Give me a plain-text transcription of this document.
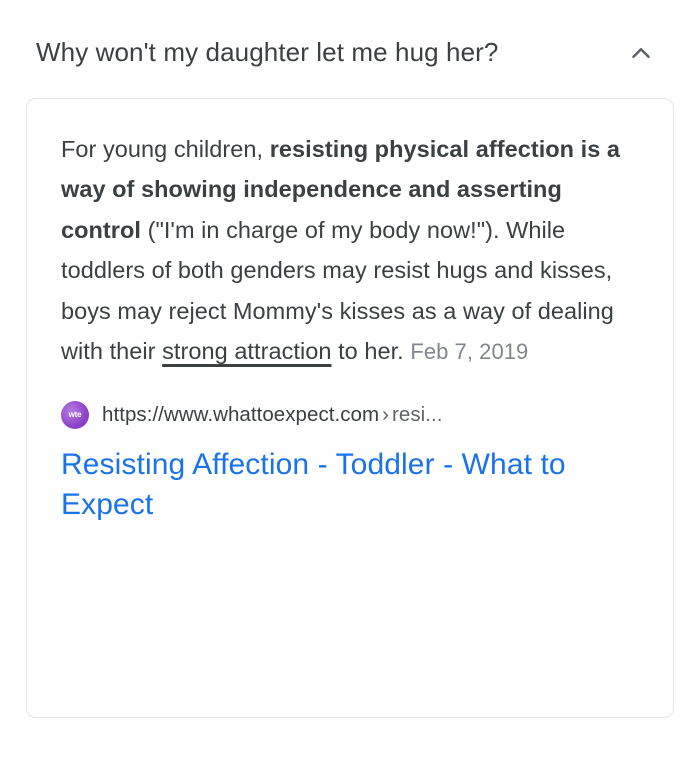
Why won't my daughter let me hug her?
For young children, resisting physical affection is a way of showing independence and asserting control ("I'm in charge of my body now!"). While toddlers of both genders may resist hugs and kisses, boys may reject Mommy's kisses as a way of dealing with their strong attraction to her. Feb 7, 2019
wte	https://www.whattoexpect.com › resi...
Resisting Affection - Toddler - What to Expect
